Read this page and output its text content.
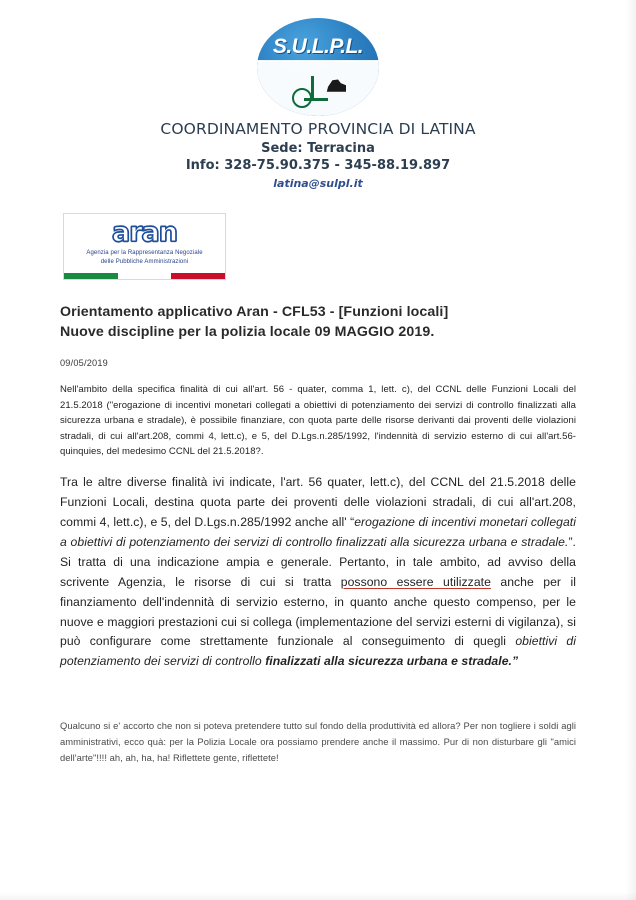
S.U.L.P.L.
COORDINAMENTO PROVINCIA DI LATINA
Sede: Terracina
Info: 328-75.90.375 - 345-88.19.897
latina@sulpl.it
aran
Agenzia per la Rappresentanza Negoziale
delle Pubbliche Amministrazioni
Orientamento applicativo Aran - CFL53 - [Funzioni locali]
Nuove discipline per la polizia locale 09 MAGGIO 2019.
09/05/2019

Nell'ambito della specifica finalità di cui all'art. 56 - quater, comma 1, lett. c), del CCNL delle Funzioni Locali del 21.5.2018 ("erogazione di incentivi monetari collegati a obiettivi di potenziamento dei servizi di controllo finalizzati alla sicurezza urbana e stradale), è possibile finanziare, con quota parte delle risorse derivanti dai proventi delle violazioni stradali, di cui all'art.208, commi 4, lett.c), e 5, del D.Lgs.n.285/1992, l'indennità di servizio esterno di cui all'art.56- quinquies, del medesimo CCNL del 21.5.2018?.

Tra le altre diverse finalità ivi indicate, l'art. 56 quater, lett.c), del CCNL del 21.5.2018 delle Funzioni Locali, destina quota parte dei proventi delle violazioni stradali, di cui all'art.208, commi 4, lett.c), e 5, del D.Lgs.n.285/1992 anche all' “erogazione di incentivi monetari collegati a obiettivi di potenziamento dei servizi di controllo finalizzati alla sicurezza urbana e stradale.”. Si tratta di una indicazione ampia e generale. Pertanto, in tale ambito, ad avviso della scrivente Agenzia, le risorse di cui si tratta possono essere utilizzate anche per il finanziamento dell'indennità di servizio esterno, in quanto anche questo compenso, per le nuove e maggiori prestazioni cui si collega (implementazione del servizi esterni di vigilanza), si può configurare come strettamente funzionale al conseguimento di quegli obiettivi di potenziamento dei servizi di controllo finalizzati alla sicurezza urbana e stradale.”

Qualcuno si e' accorto che non si poteva pretendere tutto sul fondo della produttività ed allora? Per non togliere i soldi agli amministrativi, ecco quà: per la Polizia Locale ora possiamo prendere anche il massimo. Pur di non disturbare gli "amici dell'arte"!!!! ah, ah, ha, ha! Riflettete gente, riflettete!
